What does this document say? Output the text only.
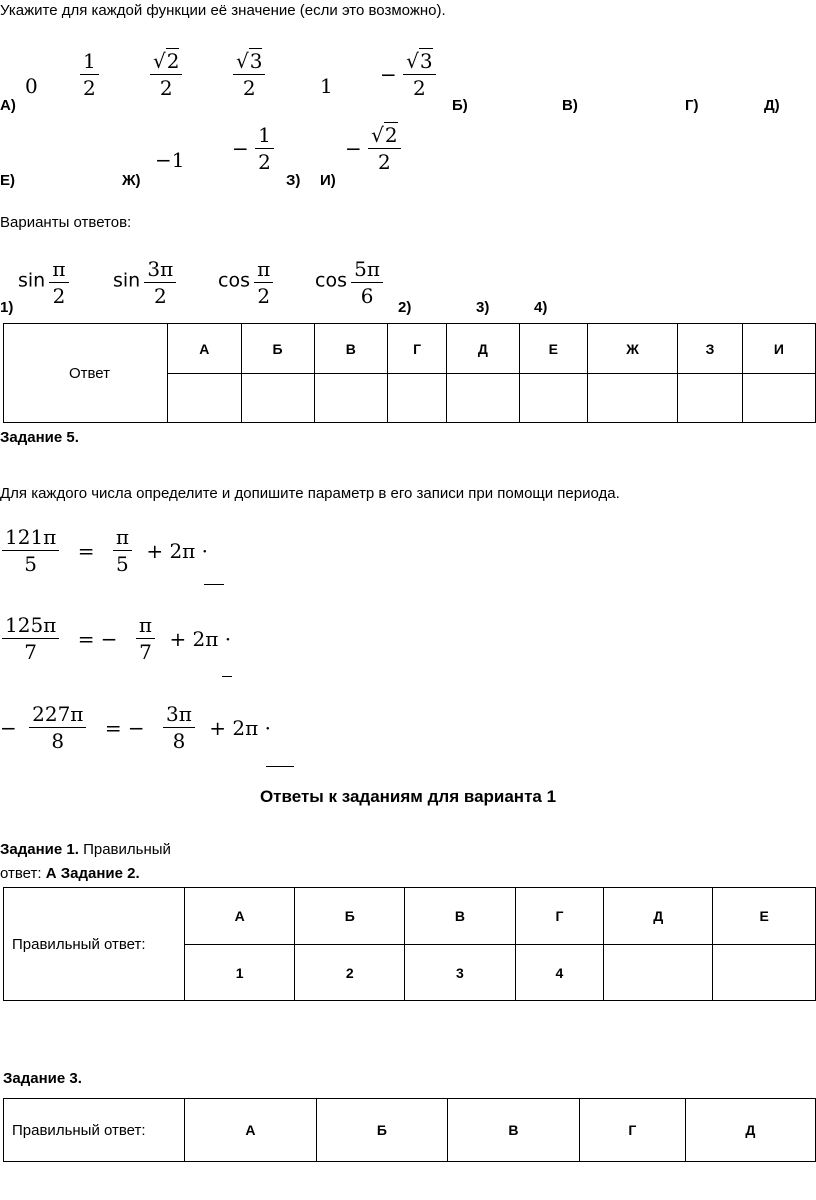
Укажите для каждой функции её значение (если это возможно).
А)
$0 \frac{1}{2}$	$\frac{√2}{2}$	$\frac{√3}{2}$	$1 - \frac{√3}{2}$
Б)	В)	Г)	Д)
Е)	Ж)
$-1 - \frac{1}{2}$
З) И)
− $\frac{√2}{2}$
Варианты ответов:
$\sin \frac{\pi}{2}$ $\sin \frac{3\pi}{2}$ $\cos \frac{\pi}{2}$ $\cos \frac{5\pi}{6}$
1)	2)	3)	4)
Ответ	А	Б	В	Г	Д	Е	Ж	З	И

Задание 5.
Для каждого числа определите и допишите параметр в его записи при помощи периода.
$\frac{121\pi}{5} = \frac{\pi}{5} + 2\pi$ ·
$\frac{125\pi}{7}$ = − $\frac{\pi}{7} + 2\pi$ ·
− $\frac{227\pi}{8}$ = − $\frac{3\pi}{8} + 2\pi$ ·
Ответы к заданиям для варианта 1
Задание 1. Правильный
ответ: А Задание 2.
Правильный ответ:	А	Б	В	Г	Д	Е
	1	2	3	4		
Задание 3.
Правильный ответ:	А	Б	В	Г	Д
